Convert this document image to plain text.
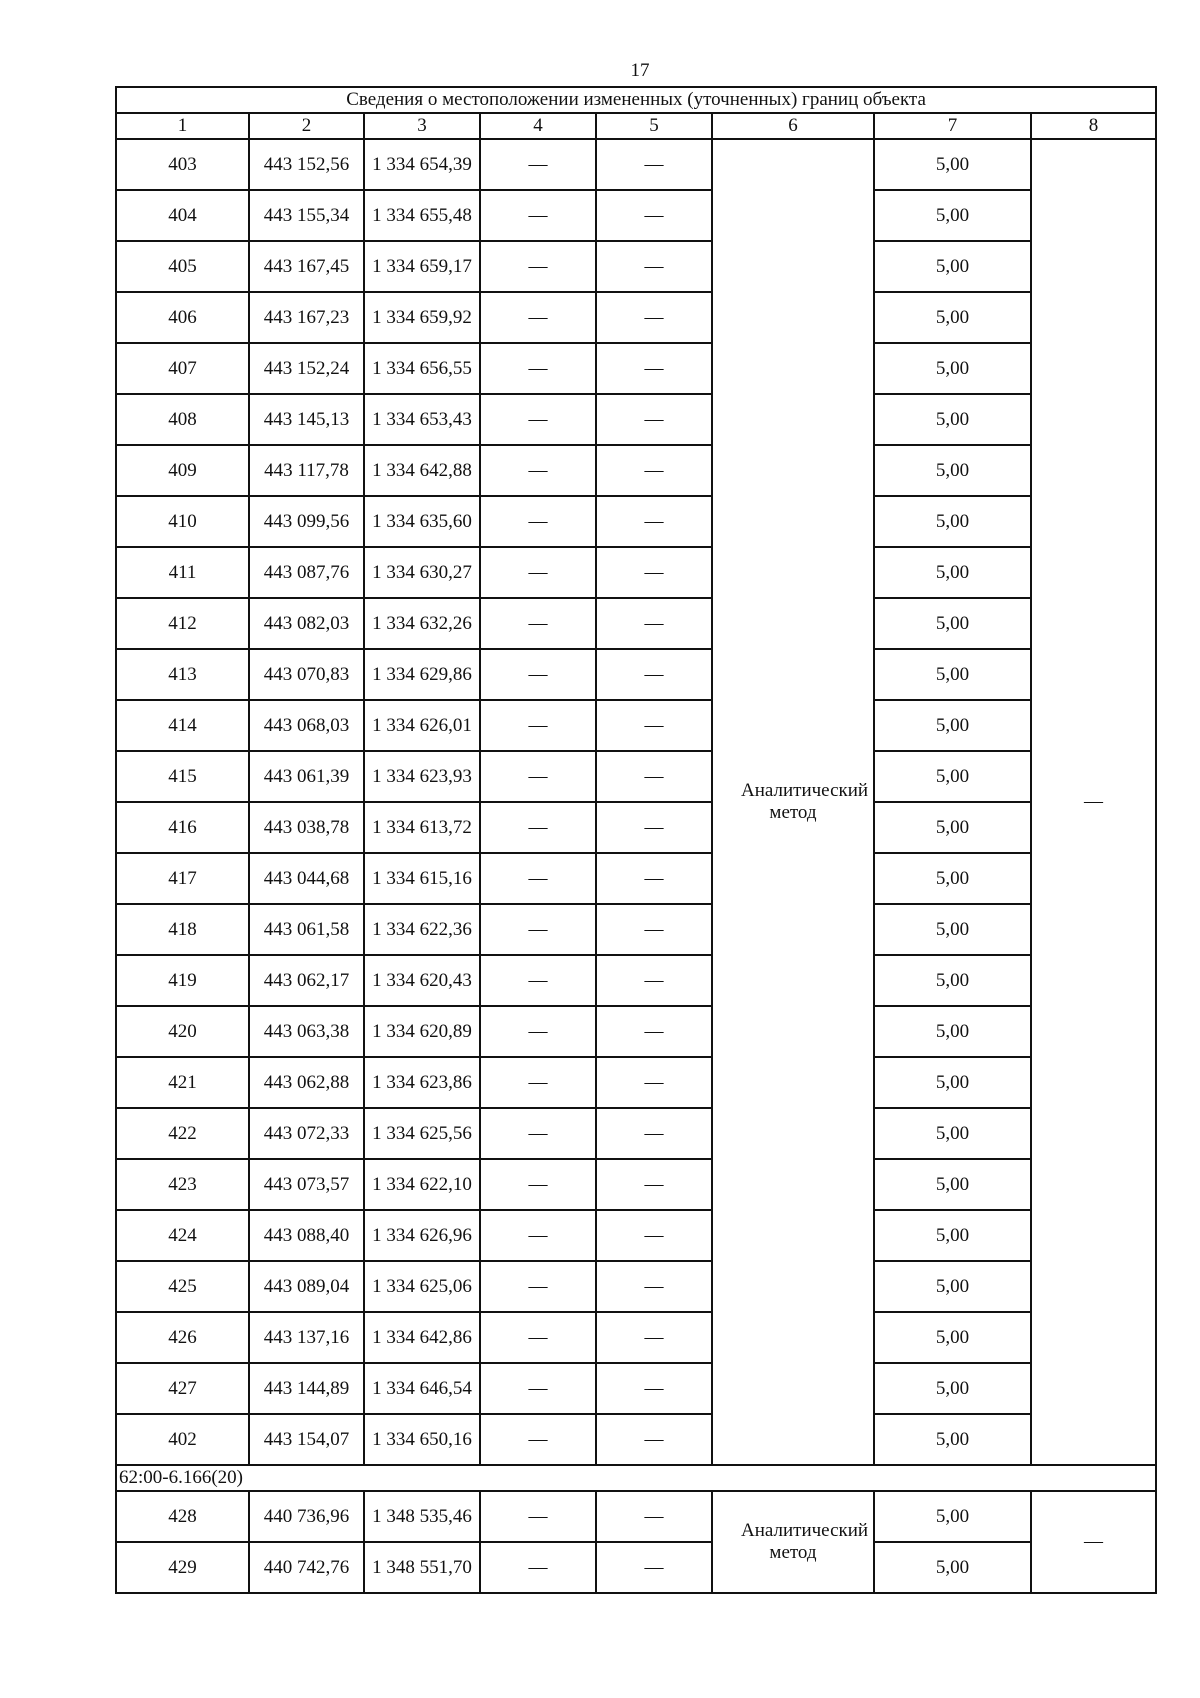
17
Сведения о местоположении измененных (уточненных) границ объекта							
1	2	3	4	5	6	7	8
403	443 152,56	1 334 654,39	—	—	Аналитический метод	5,00	—
404	443 155,34	1 334 655,48	—	—		5,00	
405	443 167,45	1 334 659,17	—	—		5,00	
406	443 167,23	1 334 659,92	—	—		5,00	
407	443 152,24	1 334 656,55	—	—		5,00	
408	443 145,13	1 334 653,43	—	—		5,00	
409	443 117,78	1 334 642,88	—	—		5,00	
410	443 099,56	1 334 635,60	—	—		5,00	
411	443 087,76	1 334 630,27	—	—		5,00	
412	443 082,03	1 334 632,26	—	—		5,00	
413	443 070,83	1 334 629,86	—	—		5,00	
414	443 068,03	1 334 626,01	—	—		5,00	
415	443 061,39	1 334 623,93	—	—		5,00	
416	443 038,78	1 334 613,72	—	—		5,00	
417	443 044,68	1 334 615,16	—	—		5,00	
418	443 061,58	1 334 622,36	—	—		5,00	
419	443 062,17	1 334 620,43	—	—		5,00	
420	443 063,38	1 334 620,89	—	—		5,00	
421	443 062,88	1 334 623,86	—	—		5,00	
422	443 072,33	1 334 625,56	—	—		5,00	
423	443 073,57	1 334 622,10	—	—		5,00	
424	443 088,40	1 334 626,96	—	—		5,00	
425	443 089,04	1 334 625,06	—	—		5,00	
426	443 137,16	1 334 642,86	—	—		5,00	
427	443 144,89	1 334 646,54	—	—		5,00	
402	443 154,07	1 334 650,16	—	—		5,00	
62:00-6.166(20)							
428	440 736,96	1 348 535,46	—	—	Аналитический метод	5,00	—
429	440 742,76	1 348 551,70	—	—		5,00	
